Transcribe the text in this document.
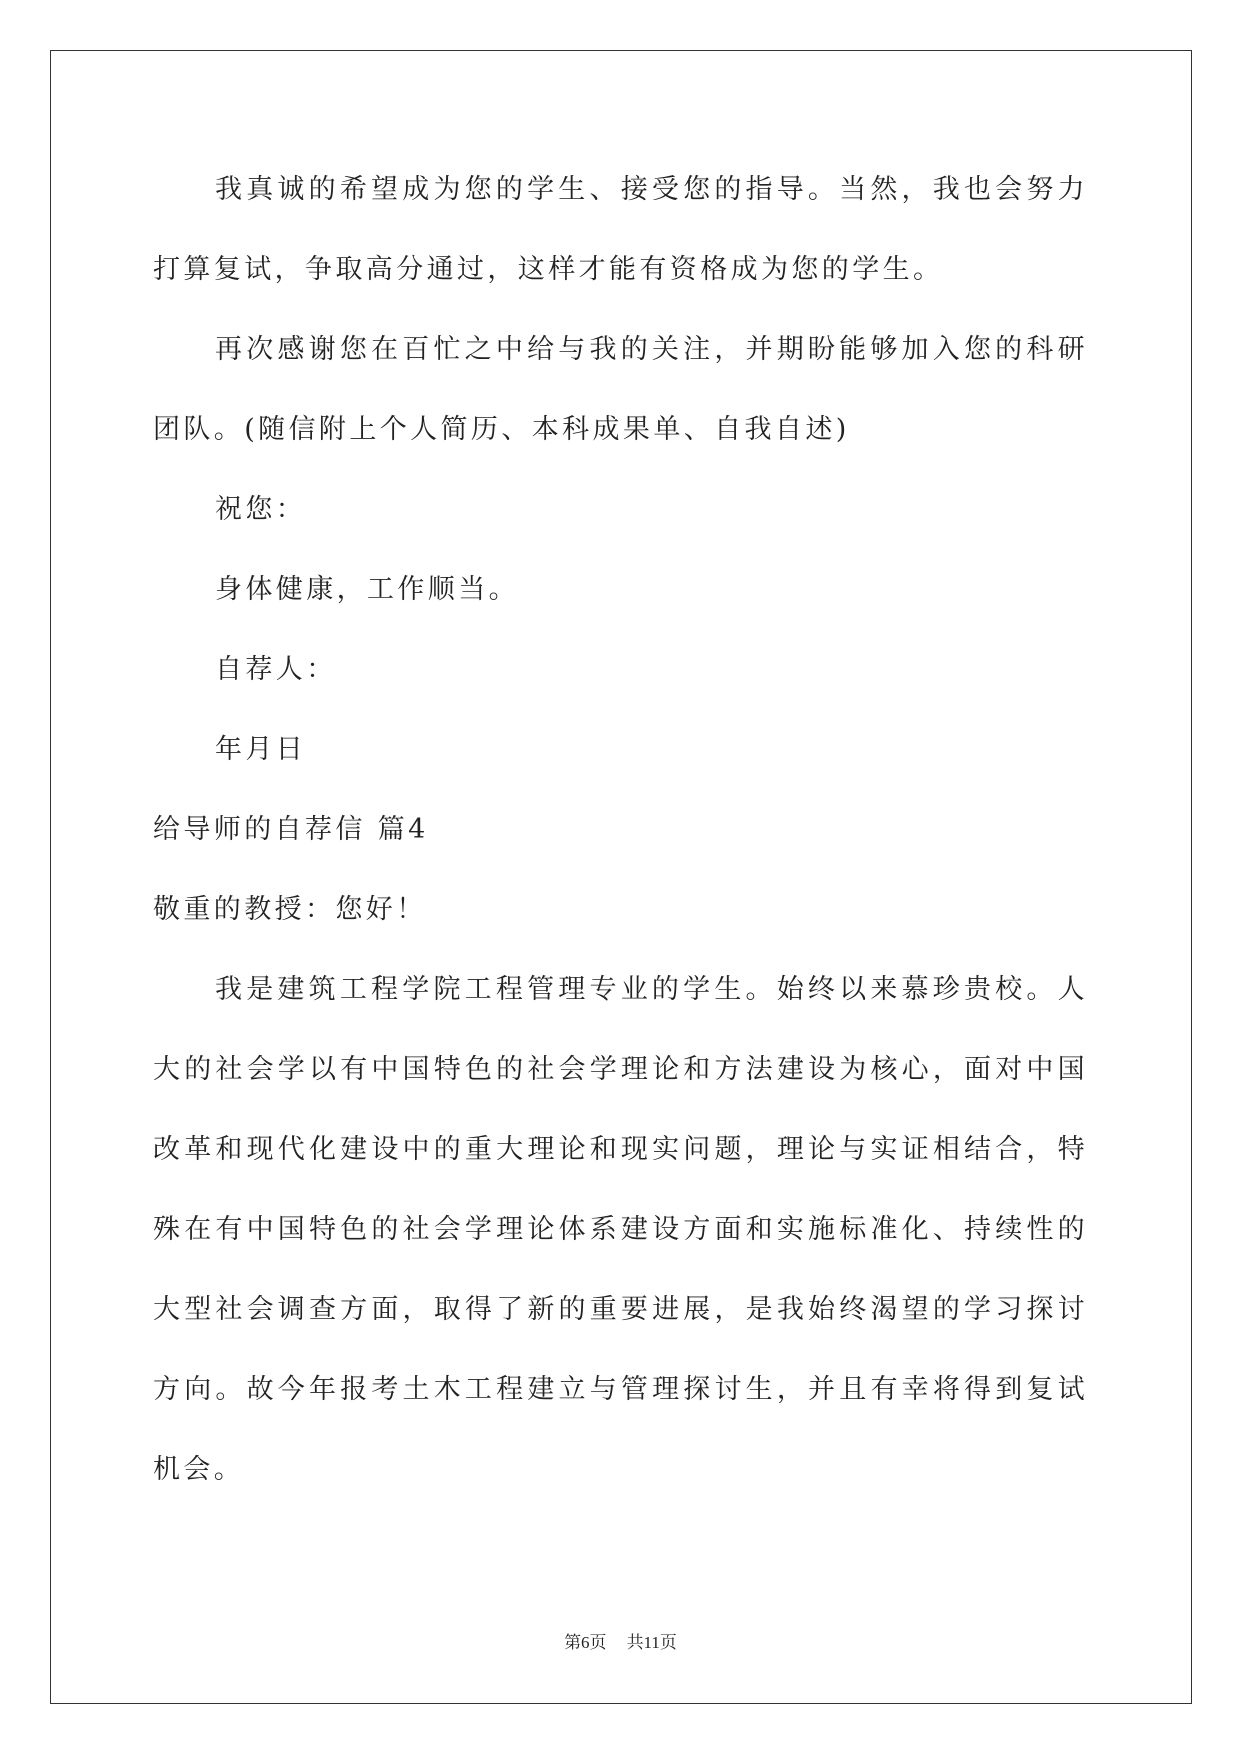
我真诚的希望成为您的学生、接受您的指导。当然，我也会努力
打算复试，争取高分通过，这样才能有资格成为您的学生。
再次感谢您在百忙之中给与我的关注，并期盼能够加入您的科研
团队。(随信附上个人简历、本科成果单、自我自述)
祝您：
身体健康，工作顺当。
自荐人：
年月日
给导师的自荐信 篇4
敬重的教授：您好！
我是建筑工程学院工程管理专业的学生。始终以来慕珍贵校。人
大的社会学以有中国特色的社会学理论和方法建设为核心，面对中国
改革和现代化建设中的重大理论和现实问题，理论与实证相结合，特
殊在有中国特色的社会学理论体系建设方面和实施标准化、持续性的
大型社会调查方面，取得了新的重要进展，是我始终渴望的学习探讨
方向。故今年报考土木工程建立与管理探讨生，并且有幸将得到复试
机会。
第6页 共11页
